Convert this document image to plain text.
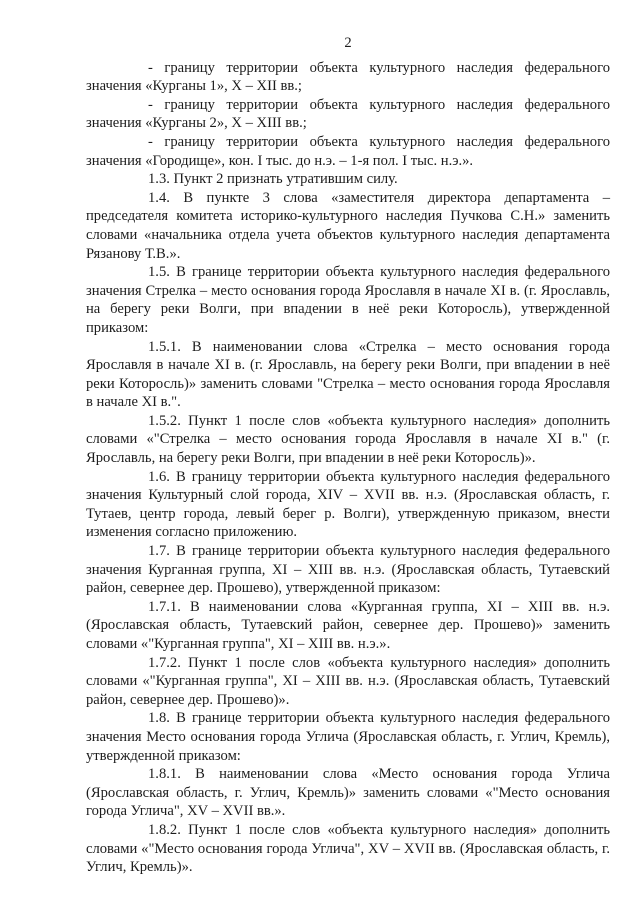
2

- границу территории объекта культурного наследия федерального значения «Курганы 1», X – XII вв.;

- границу территории объекта культурного наследия федерального значения «Курганы 2», X – XIII вв.;

- границу территории объекта культурного наследия федерального значения «Городище», кон. I тыс. до н.э. – 1-я пол. I тыс. н.э.».

1.3. Пункт 2 признать утратившим силу.

1.4. В пункте 3 слова «заместителя директора департамента – председателя комитета историко-культурного наследия Пучкова С.Н.» заменить словами «начальника отдела учета объектов культурного наследия департамента Рязанову Т.В.».

1.5. В границе территории объекта культурного наследия федерального значения Стрелка – место основания города Ярославля в начале XI в. (г. Ярославль, на берегу реки Волги, при впадении в неё реки Которосль), утвержденной приказом:

1.5.1. В наименовании слова «Стрелка – место основания города Ярославля в начале XI в. (г. Ярославль, на берегу реки Волги, при впадении в неё реки Которосль)» заменить словами "Стрелка – место основания города Ярославля в начале XI в.".

1.5.2. Пункт 1 после слов «объекта культурного наследия» дополнить словами «"Стрелка – место основания города Ярославля в начале XI в." (г. Ярославль, на берегу реки Волги, при впадении в неё реки Которосль)».

1.6. В границу территории объекта культурного наследия федерального значения Культурный слой города, XIV – XVII вв. н.э. (Ярославская область, г. Тутаев, центр города, левый берег р. Волги), утвержденную приказом, внести изменения согласно приложению.

1.7. В границе территории объекта культурного наследия федерального значения Курганная группа, XI – XIII вв. н.э. (Ярославская область, Тутаевский район, севернее дер. Прошево), утвержденной приказом:

1.7.1. В наименовании слова «Курганная группа, XI – XIII вв. н.э. (Ярославская область, Тутаевский район, севернее дер. Прошево)» заменить словами «"Курганная группа", XI – XIII вв. н.э.».

1.7.2. Пункт 1 после слов «объекта культурного наследия» дополнить словами «"Курганная группа", XI – XIII вв. н.э. (Ярославская область, Тутаевский район, севернее дер. Прошево)».

1.8. В границе территории объекта культурного наследия федерального значения Место основания города Углича (Ярославская область, г. Углич, Кремль), утвержденной приказом:

1.8.1. В наименовании слова «Место основания города Углича (Ярославская область, г. Углич, Кремль)» заменить словами «"Место основания города Углича", XV – XVII вв.».

1.8.2. Пункт 1 после слов «объекта культурного наследия» дополнить словами «"Место основания города Углича", XV – XVII вв. (Ярославская область, г. Углич, Кремль)».
